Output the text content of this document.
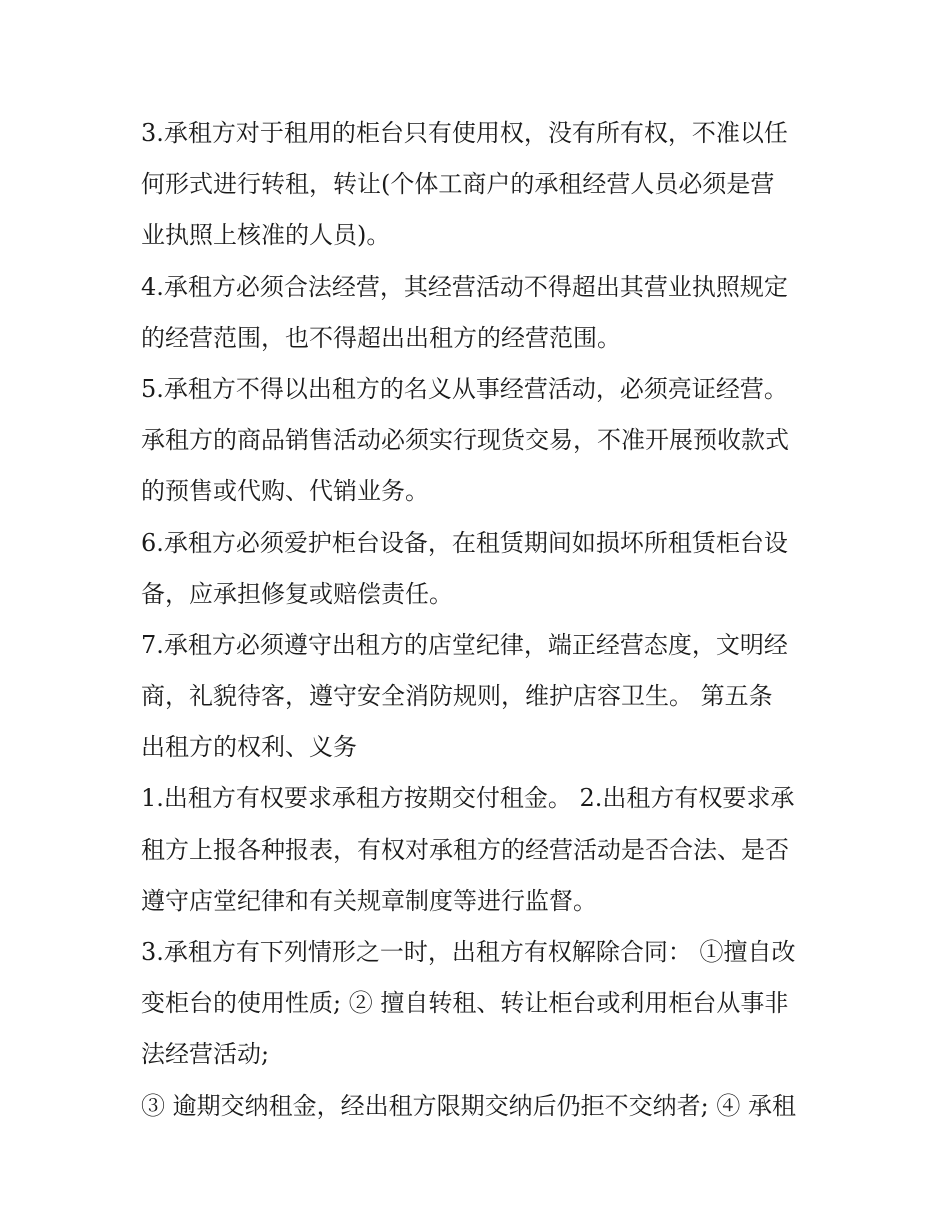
3.承租方对于租用的柜台只有使用权，没有所有权，不准以任
何形式进行转租，转让(个体工商户的承租经营人员必须是营
业执照上核准的人员)。
4.承租方必须合法经营，其经营活动不得超出其营业执照规定
的经营范围，也不得超出出租方的经营范围。
5.承租方不得以出租方的名义从事经营活动，必须亮证经营。
承租方的商品销售活动必须实行现货交易，不准开展预收款式
的预售或代购、代销业务。
6.承租方必须爱护柜台设备，在租赁期间如损坏所租赁柜台设
备，应承担修复或赔偿责任。
7.承租方必须遵守出租方的店堂纪律，端正经营态度，文明经
商，礼貌待客，遵守安全消防规则，维护店容卫生。 第五条
出租方的权利、义务
1.出租方有权要求承租方按期交付租金。 2.出租方有权要求承
租方上报各种报表，有权对承租方的经营活动是否合法、是否
遵守店堂纪律和有关规章制度等进行监督。
3.承租方有下列情形之一时，出租方有权解除合同： ①擅自改
变柜台的使用性质; ② 擅自转租、转让柜台或利用柜台从事非
法经营活动;
③ 逾期交纳租金，经出租方限期交纳后仍拒不交纳者; ④ 承租
